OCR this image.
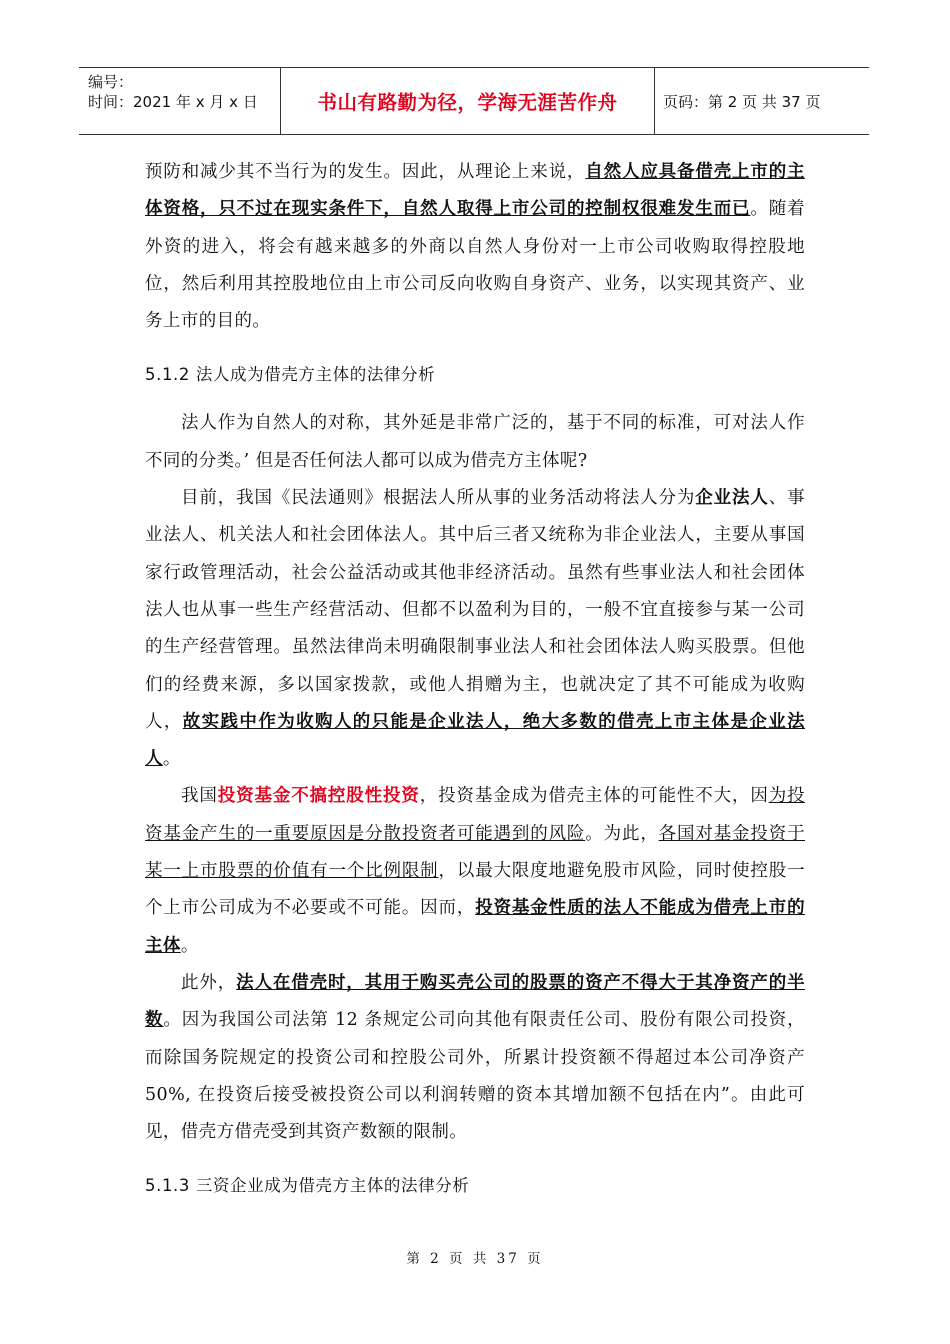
编号：
时间：2021 年 x 月 x 日	书山有路勤为径，学海无涯苦作舟	页码：第 2 页 共 37 页

预防和减少其不当行为的发生。因此，从理论上来说，自然人应具备借壳上市的主体资格，只不过在现实条件下，自然人取得上市公司的控制权很难发生而已。随着外资的进入，将会有越来越多的外商以自然人身份对一上市公司收购取得控股地位，然后利用其控股地位由上市公司反向收购自身资产、业务，以实现其资产、业务上市的目的。

5.1.2 法人成为借壳方主体的法律分析

法人作为自然人的对称，其外延是非常广泛的，基于不同的标准，可对法人作不同的分类。’ 但是否任何法人都可以成为借壳方主体呢?

目前，我国《民法通则》根据法人所从事的业务活动将法人分为企业法人、事业法人、机关法人和社会团体法人。其中后三者又统称为非企业法人，主要从事国家行政管理活动，社会公益活动或其他非经济活动。虽然有些事业法人和社会团体法人也从事一些生产经营活动、但都不以盈利为目的，一般不宜直接参与某一公司的生产经营管理。虽然法律尚未明确限制事业法人和社会团体法人购买股票。但他们的经费来源，多以国家拨款，或他人捐赠为主，也就决定了其不可能成为收购人，故实践中作为收购人的只能是企业法人，绝大多数的借壳上市主体是企业法人。

我国投资基金不搞控股性投资，投资基金成为借壳主体的可能性不大，因为投资基金产生的一重要原因是分散投资者可能遇到的风险。为此，各国对基金投资于某一上市股票的价值有一个比例限制，以最大限度地避免股市风险，同时使控股一个上市公司成为不必要或不可能。因而，投资基金性质的法人不能成为借壳上市的主体。

此外，法人在借壳时，其用于购买壳公司的股票的资产不得大于其净资产的半数。因为我国公司法第 12 条规定公司向其他有限责任公司、股份有限公司投资，而除国务院规定的投资公司和控股公司外，所累计投资额不得超过本公司净资产 50%, 在投资后接受被投资公司以利润转赠的资本其增加额不包括在内”。由此可见，借壳方借壳受到其资产数额的限制。

5.1.3 三资企业成为借壳方主体的法律分析

第 2 页 共 37 页
